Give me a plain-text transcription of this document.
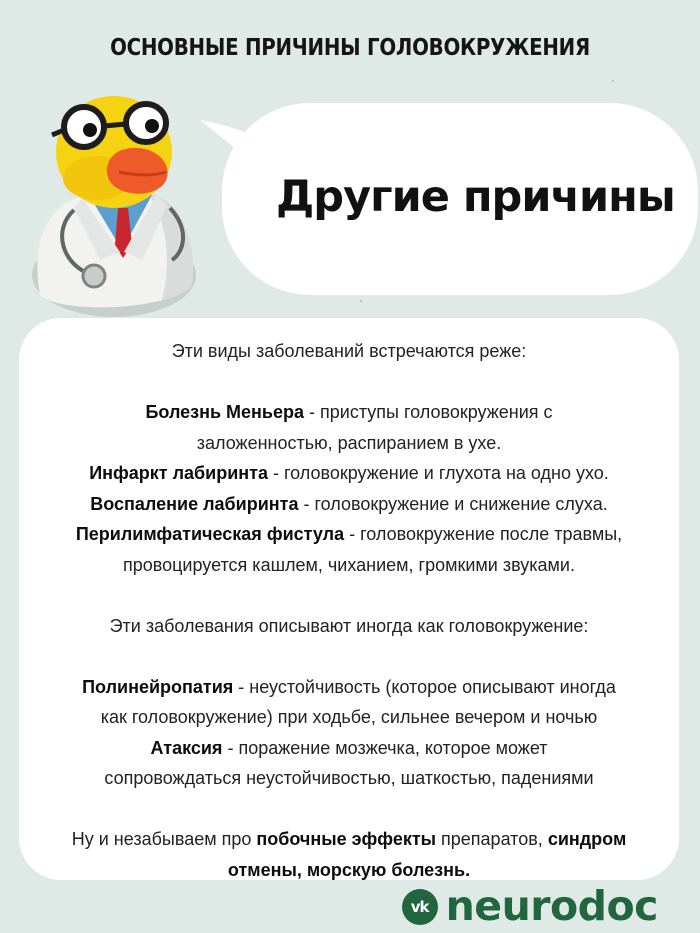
ОСНОВНЫЕ ПРИЧИНЫ ГОЛОВОКРУЖЕНИЯ
Другие причины

Эти виды заболеваний встречаются реже:

Болезнь Меньера - приступы головокружения с

заложенностью, распиранием в ухе.

Инфаркт лабиринта - головокружение и глухота на одно ухо.

Воспаление лабиринта - головокружение и снижение слуха.

Перилимфатическая фистула - головокружение после травмы,

провоцируется кашлем, чиханием, громкими звуками.

Эти заболевания описывают иногда как головокружение:

Полинейропатия - неустойчивость (которое описывают иногда

как головокружение) при ходьбе, сильнее вечером и ночью

Атаксия - поражение мозжечка, которое может

сопровождаться неустойчивостью, шаткостью, падениями

Ну и незабываем про побочные эффекты препаратов, синдром отмены, морскую болезнь.

vk neurodoc
